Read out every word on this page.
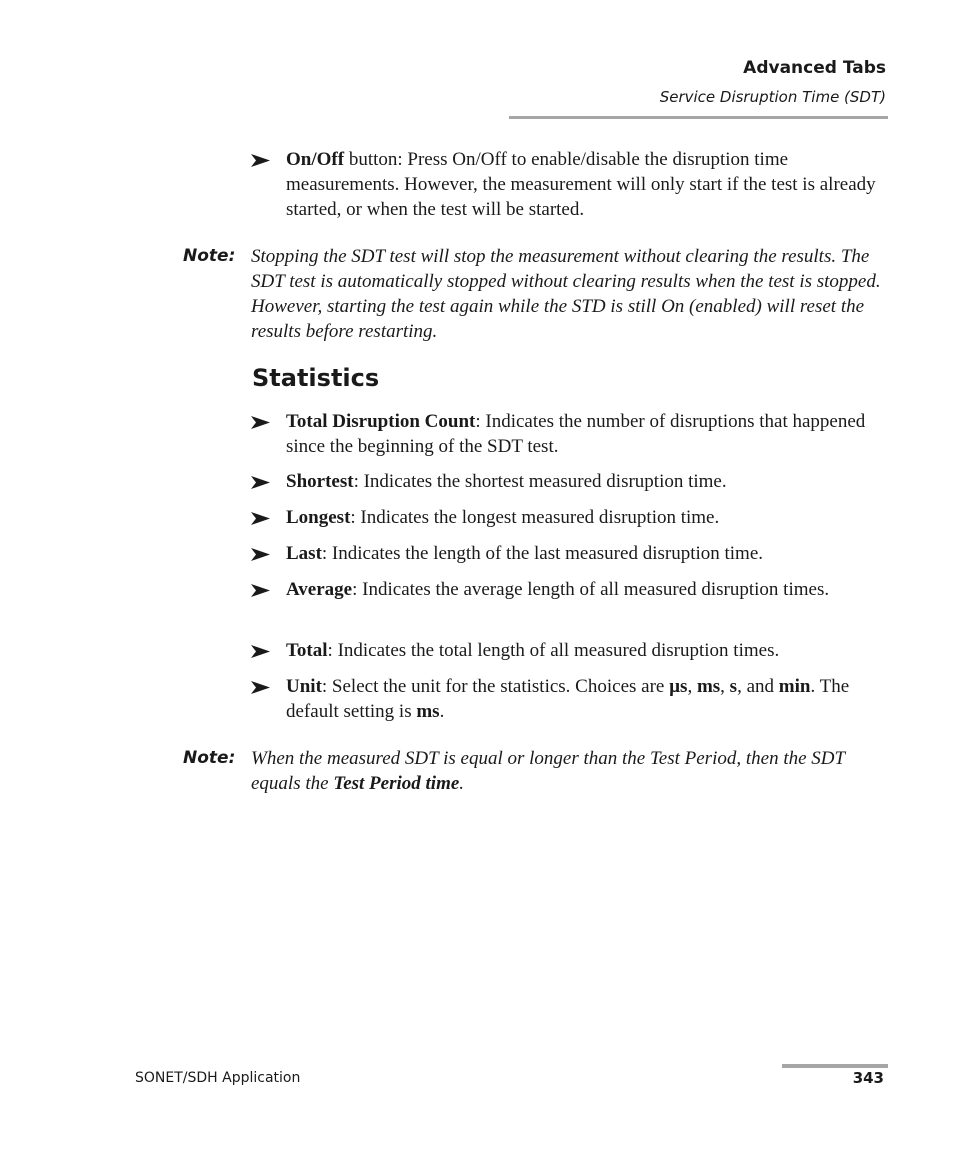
Advanced Tabs
Service Disruption Time (SDT)
On/Off button: Press On/Off to enable/disable the disruption time measurements. However, the measurement will only start if the test is already started, or when the test will be started.
Note: Stopping the SDT test will stop the measurement without clearing the results. The SDT test is automatically stopped without clearing results when the test is stopped. However, starting the test again while the STD is still On (enabled) will reset the results before restarting.
Statistics
Total Disruption Count: Indicates the number of disruptions that happened since the beginning of the SDT test.
Shortest: Indicates the shortest measured disruption time.
Longest: Indicates the longest measured disruption time.
Last: Indicates the length of the last measured disruption time.
Average: Indicates the average length of all measured disruption times.
Total: Indicates the total length of all measured disruption times.
Unit: Select the unit for the statistics. Choices are µs, ms, s, and min. The default setting is ms.
Note: When the measured SDT is equal or longer than the Test Period, then the SDT equals the Test Period time.
SONET/SDH Application	343
